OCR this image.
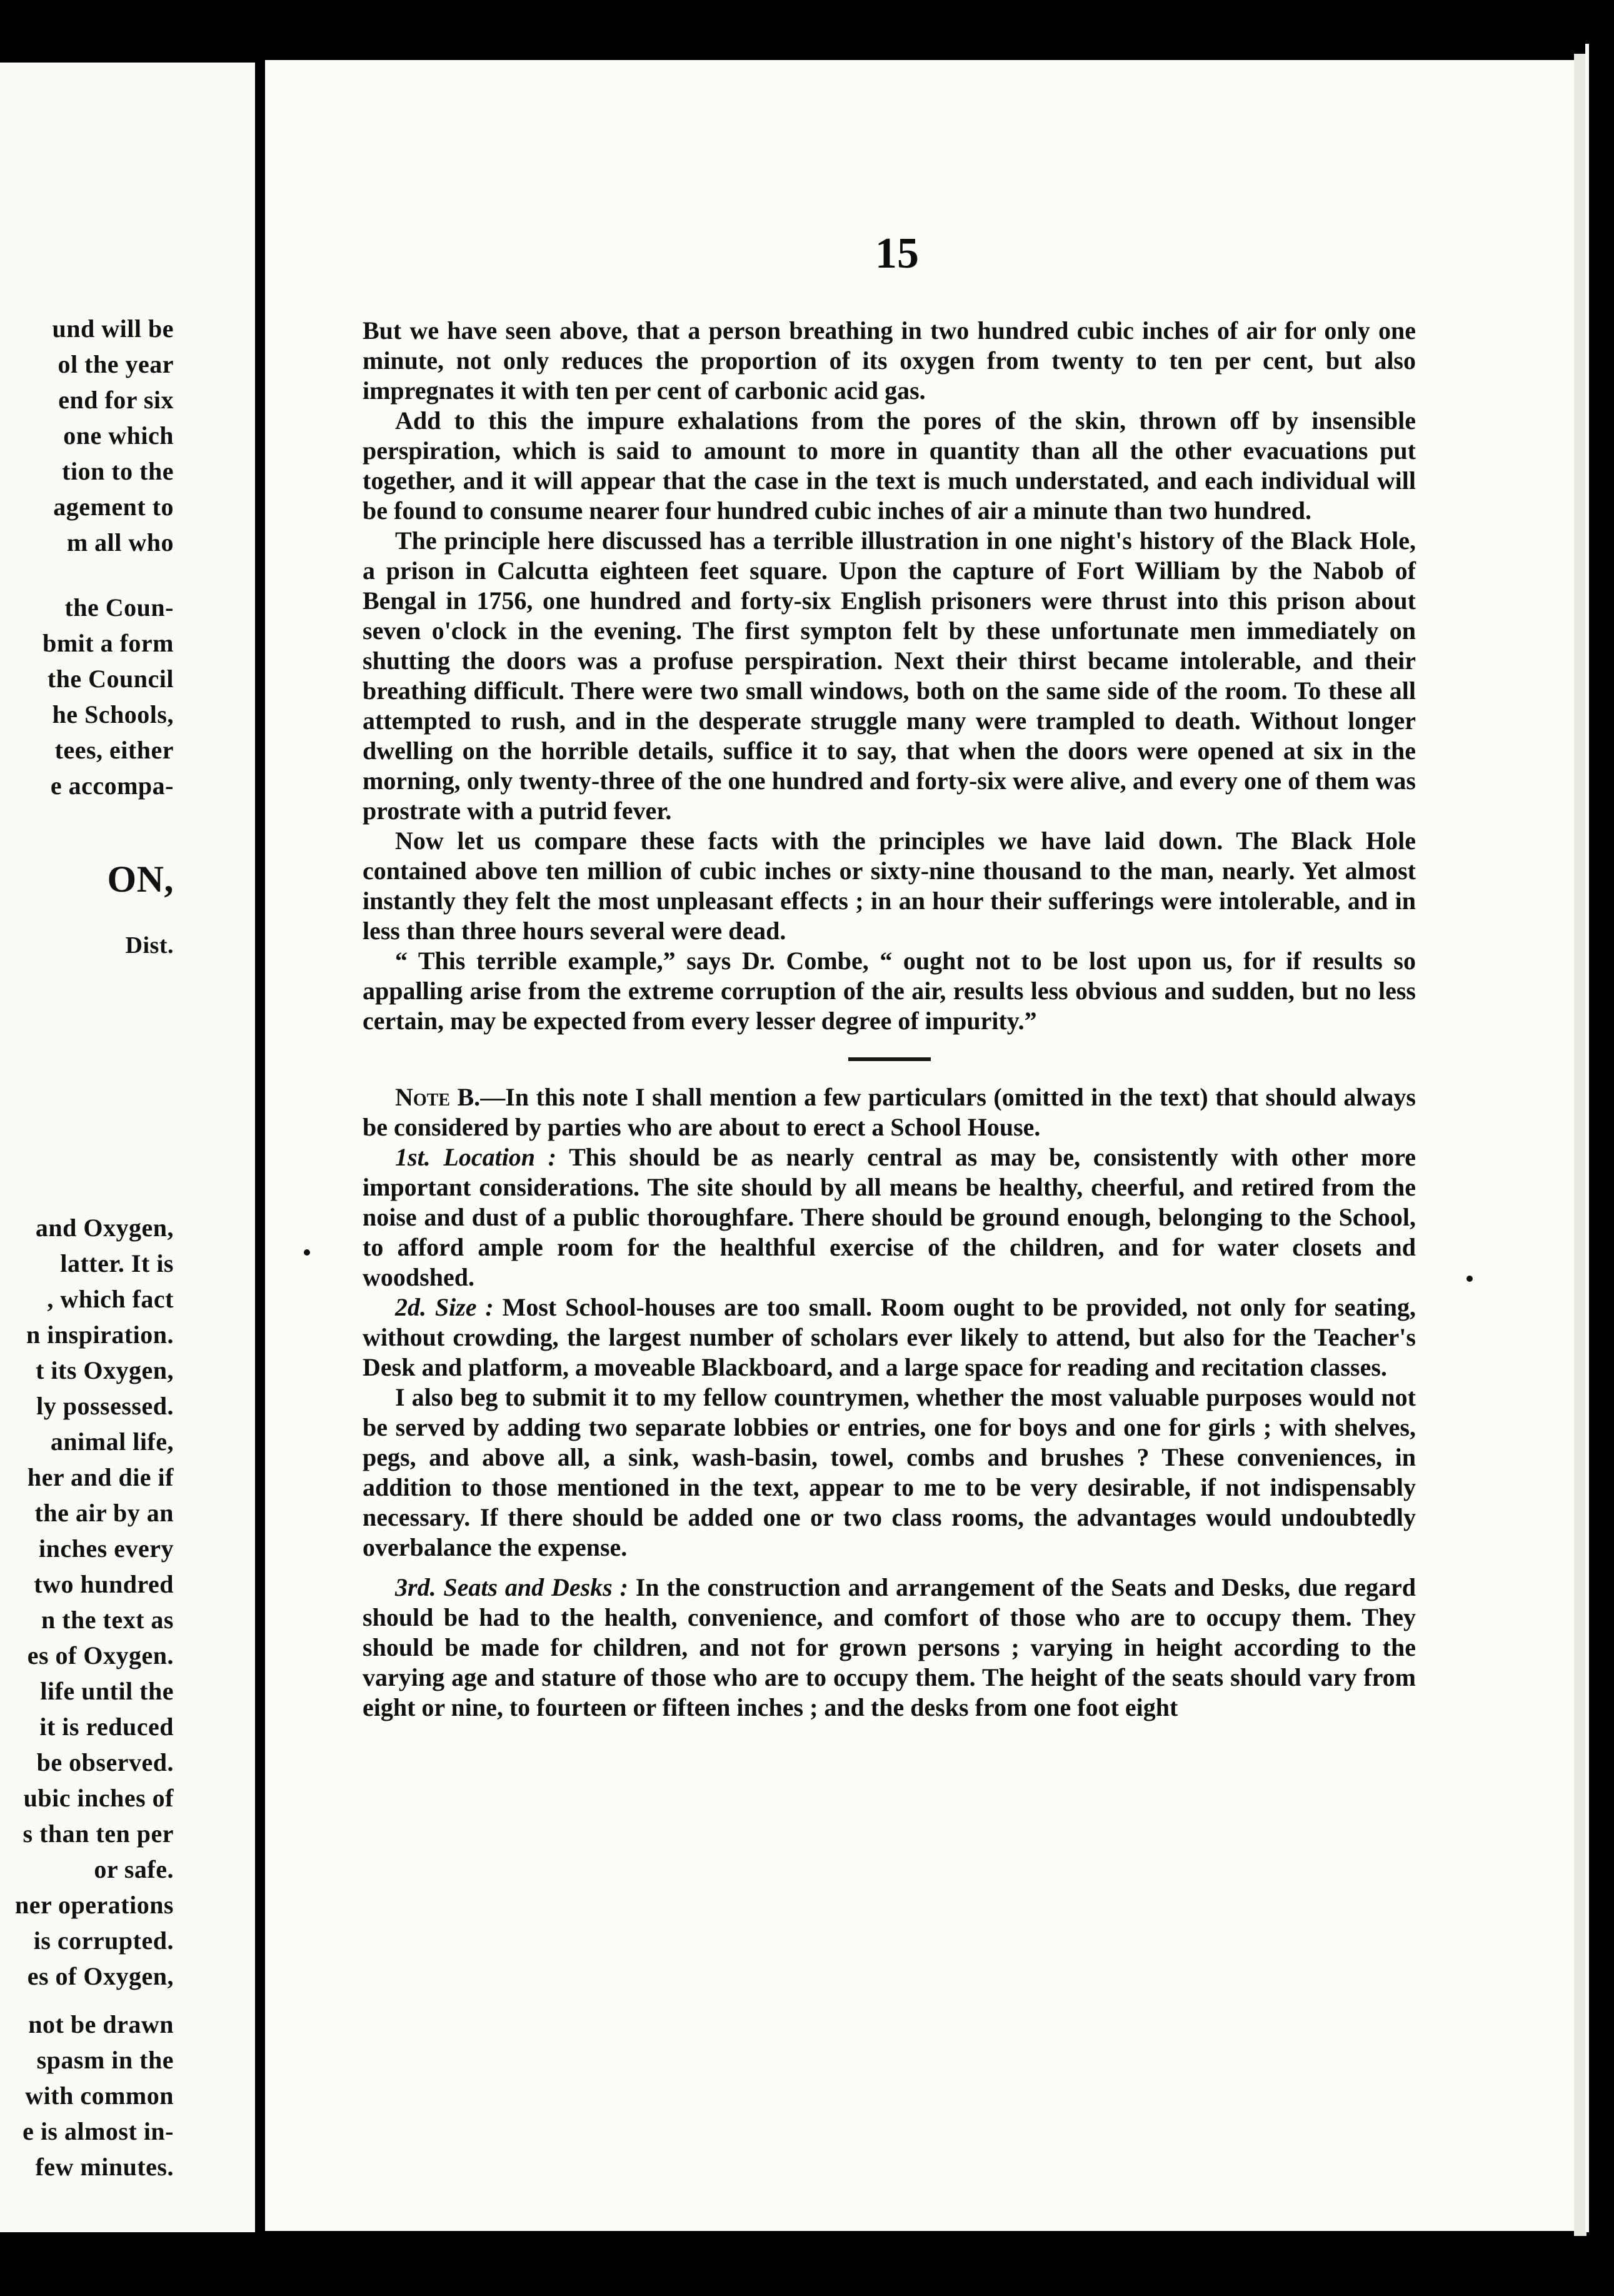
und will be
ol the year
end for six
one which
tion to the
agement to
m all who
the Coun-
bmit a form
the Council
he Schools,
tees, either
e accompa-
ON,
Dist.
and Oxygen,
latter. It is
, which fact
n inspiration.
t its Oxygen,
ly possessed.
animal life,
her and die if
the air by an
inches every
two hundred
n the text as
es of Oxygen.
life until the
it is reduced
be observed.
ubic inches of
s than ten per
or safe.
ner operations
is corrupted.
es of Oxygen,
not be drawn
spasm in the
with common
e is almost in-
few minutes.
15

But we have seen above, that a person breathing in two hundred cubic inches of air for only one minute, not only reduces the proportion of its oxygen from twenty to ten per cent, but also impregnates it with ten per cent of carbonic acid gas.

Add to this the impure exhalations from the pores of the skin, thrown off by insensible perspiration, which is said to amount to more in quantity than all the other evacuations put together, and it will appear that the case in the text is much understated, and each individual will be found to consume nearer four hundred cubic inches of air a minute than two hundred.

The principle here discussed has a terrible illustration in one night's history of the Black Hole, a prison in Calcutta eighteen feet square. Upon the capture of Fort William by the Nabob of Bengal in 1756, one hundred and forty-six English prisoners were thrust into this prison about seven o'clock in the evening. The first sympton felt by these unfortunate men immediately on shutting the doors was a profuse perspiration. Next their thirst became intolerable, and their breathing difficult. There were two small windows, both on the same side of the room. To these all attempted to rush, and in the desperate struggle many were trampled to death. Without longer dwelling on the horrible details, suffice it to say, that when the doors were opened at six in the morning, only twenty-three of the one hundred and forty-six were alive, and every one of them was prostrate with a putrid fever.

Now let us compare these facts with the principles we have laid down. The Black Hole contained above ten million of cubic inches or sixty-nine thousand to the man, nearly. Yet almost instantly they felt the most unpleasant effects ; in an hour their sufferings were intolerable, and in less than three hours several were dead.

“ This terrible example,” says Dr. Combe, “ ought not to be lost upon us, for if results so appalling arise from the extreme corruption of the air, results less obvious and sudden, but no less certain, may be expected from every lesser degree of impurity.”

Note B.—In this note I shall mention a few particulars (omitted in the text) that should always be considered by parties who are about to erect a School House.

1st. Location : This should be as nearly central as may be, consistently with other more important considerations. The site should by all means be healthy, cheerful, and retired from the noise and dust of a public thoroughfare. There should be ground enough, belonging to the School, to afford ample room for the healthful exercise of the children, and for water closets and woodshed.

2d. Size : Most School-houses are too small. Room ought to be provided, not only for seating, without crowding, the largest number of scholars ever likely to attend, but also for the Teacher's Desk and platform, a moveable Blackboard, and a large space for reading and recitation classes.

I also beg to submit it to my fellow countrymen, whether the most valuable purposes would not be served by adding two separate lobbies or entries, one for boys and one for girls ; with shelves, pegs, and above all, a sink, wash-basin, towel, combs and brushes ? These conveniences, in addition to those mentioned in the text, appear to me to be very desirable, if not indispensably necessary. If there should be added one or two class rooms, the advantages would undoubtedly overbalance the expense.

3rd. Seats and Desks : In the construction and arrangement of the Seats and Desks, due regard should be had to the health, convenience, and comfort of those who are to occupy them. They should be made for children, and not for grown persons ; varying in height according to the varying age and stature of those who are to occupy them. The height of the seats should vary from eight or nine, to fourteen or fifteen inches ; and the desks from one foot eight
